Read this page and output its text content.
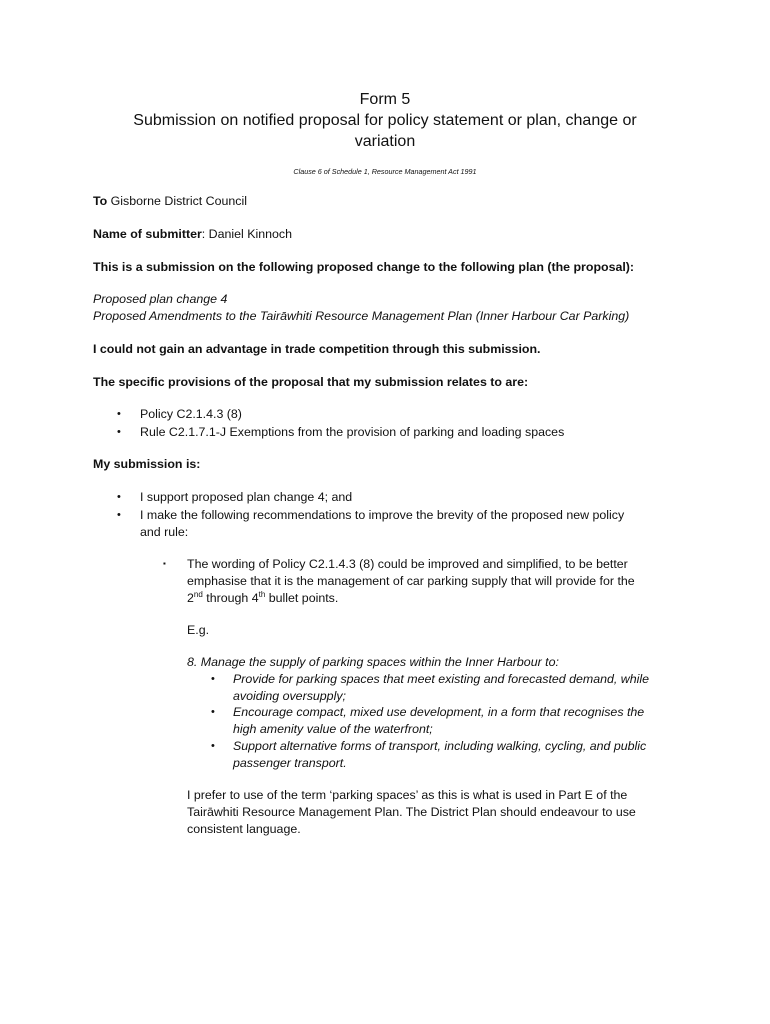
Form 5
Submission on notified proposal for policy statement or plan, change or
variation
Clause 6 of Schedule 1, Resource Management Act 1991
To Gisborne District Council
Name of submitter: Daniel Kinnoch
This is a submission on the following proposed change to the following plan (the proposal):
Proposed plan change 4
Proposed Amendments to the Tairāwhiti Resource Management Plan (Inner Harbour Car Parking)
I could not gain an advantage in trade competition through this submission.
The specific provisions of the proposal that my submission relates to are:
• Policy C2.1.4.3 (8)
• Rule C2.1.7.1-J Exemptions from the provision of parking and loading spaces
My submission is:
• I support proposed plan change 4; and
• I make the following recommendations to improve the brevity of the proposed new policy
and rule:
▪ The wording of Policy C2.1.4.3 (8) could be improved and simplified, to be better
emphasise that it is the management of car parking supply that will provide for the
2nd through 4th bullet points.
E.g.
8. Manage the supply of parking spaces within the Inner Harbour to:
• Provide for parking spaces that meet existing and forecasted demand, while
avoiding oversupply;
• Encourage compact, mixed use development, in a form that recognises the
high amenity value of the waterfront;
• Support alternative forms of transport, including walking, cycling, and public
passenger transport.
I prefer to use of the term ‘parking spaces’ as this is what is used in Part E of the
Tairāwhiti Resource Management Plan. The District Plan should endeavour to use
consistent language.
